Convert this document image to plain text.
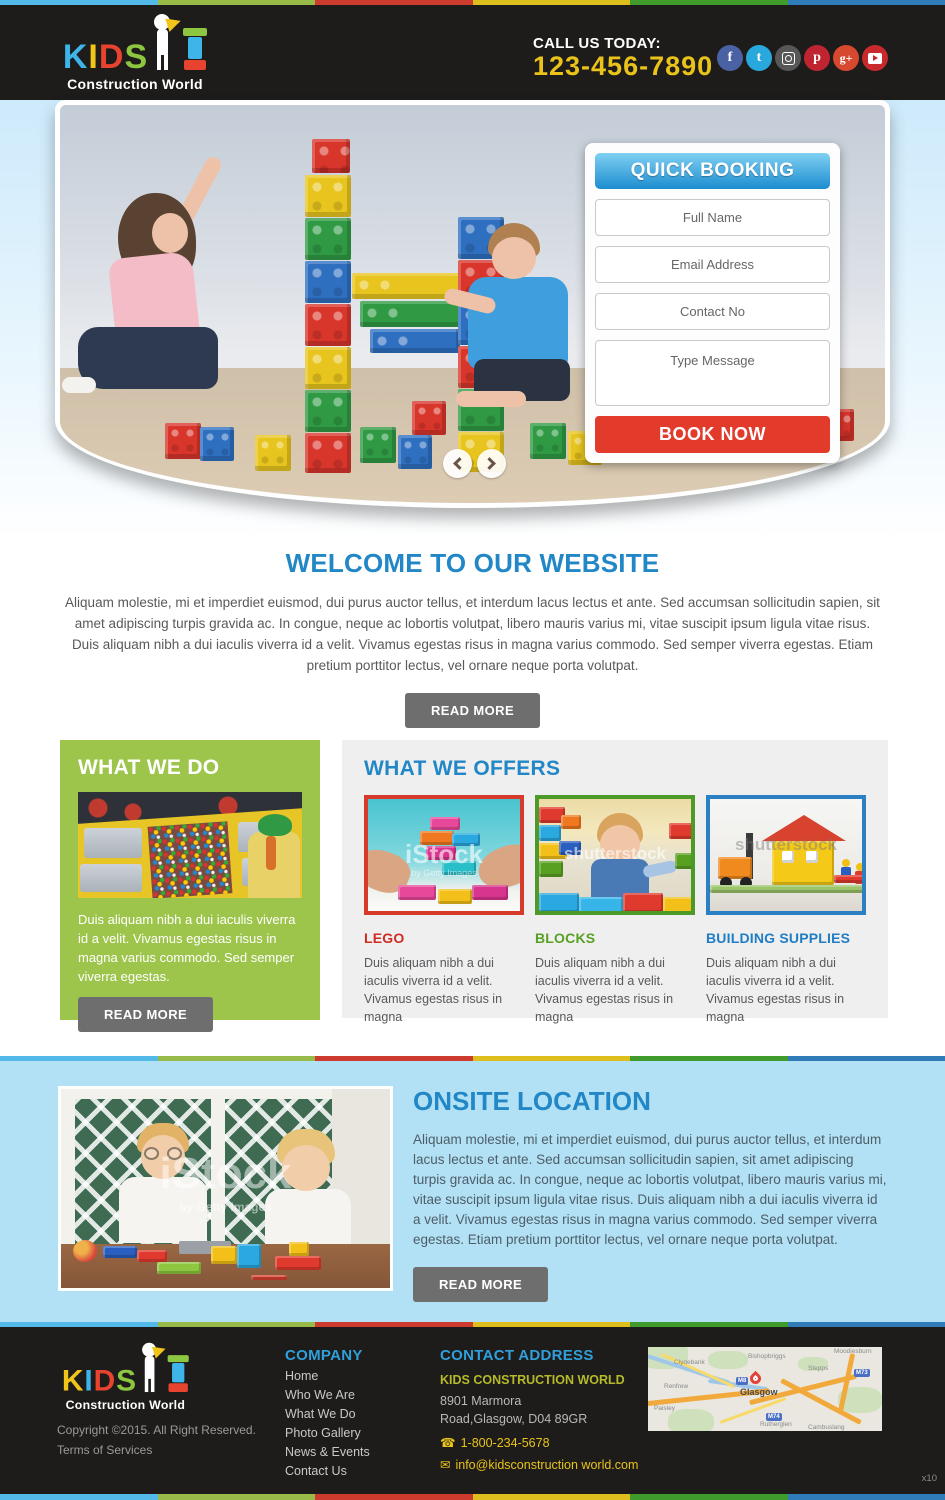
KIDS
Construction World
CALL US TODAY:
123-456-7890 f t	p g+
QUICK BOOKING
Full Name
Email Address
Contact No
Type Message
BOOK NOW
WELCOME TO OUR WEBSITE

Aliquam molestie, mi et imperdiet euismod, dui purus auctor tellus, et interdum lacus lectus et ante. Sed accumsan sollicitudin sapien, sit amet adipiscing turpis gravida ac. In congue, neque ac lobortis volutpat, libero mauris varius mi, vitae suscipit ipsum ligula vitae risus. Duis aliquam nibh a dui iaculis viverra id a velit. Vivamus egestas risus in magna varius commodo. Sed semper viverra egestas. Etiam pretium porttitor lectus, vel ornare neque porta volutpat.

READ MORE
WHAT WE DO

Duis aliquam nibh a dui iaculis viverra id a velit. Vivamus egestas risus in magna varius commodo. Sed semper viverra egestas.

READ MORE
WHAT WE OFFERS
iStock
by Getty Images
LEGO

Duis aliquam nibh a dui iaculis viverra id a velit. Vivamus egestas risus in magna

shutterstock
BLOCKS

Duis aliquam nibh a dui iaculis viverra id a velit. Vivamus egestas risus in magna

shutterstock
BUILDING SUPPLIES

Duis aliquam nibh a dui iaculis viverra id a velit. Vivamus egestas risus in magna

iStock
by Getty Images
ONSITE LOCATION

Aliquam molestie, mi et imperdiet euismod, dui purus auctor tellus, et interdum lacus lectus et ante. Sed accumsan sollicitudin sapien, sit amet adipiscing turpis gravida ac. In congue, neque ac lobortis volutpat, libero mauris varius mi, vitae suscipit ipsum ligula vitae risus. Duis aliquam nibh a dui iaculis viverra id a velit. Vivamus egestas risus in magna varius commodo. Sed semper viverra egestas. Etiam pretium porttitor lectus, vel ornare neque porta volutpat.

READ MORE
KIDS
Construction World
Copyright ©2015. All Right Reserved.
Terms of Services
COMPANY
Home
Who We Are
What We Do
Photo Gallery
News & Events
Contact Us
CONTACT ADDRESS
KIDS CONSTRUCTION WORLD
8901 Marmora
Road,Glasgow, D04 89GR
☎ 1-800-234-5678
✉ info@kidsconstruction world.com
M8
M74
M73
Clydebank
Bishopbriggs
Moodiesburn
Stepps
Renfrew
Paisley
Rutherglen Cambuslang
Glasgow
x10
